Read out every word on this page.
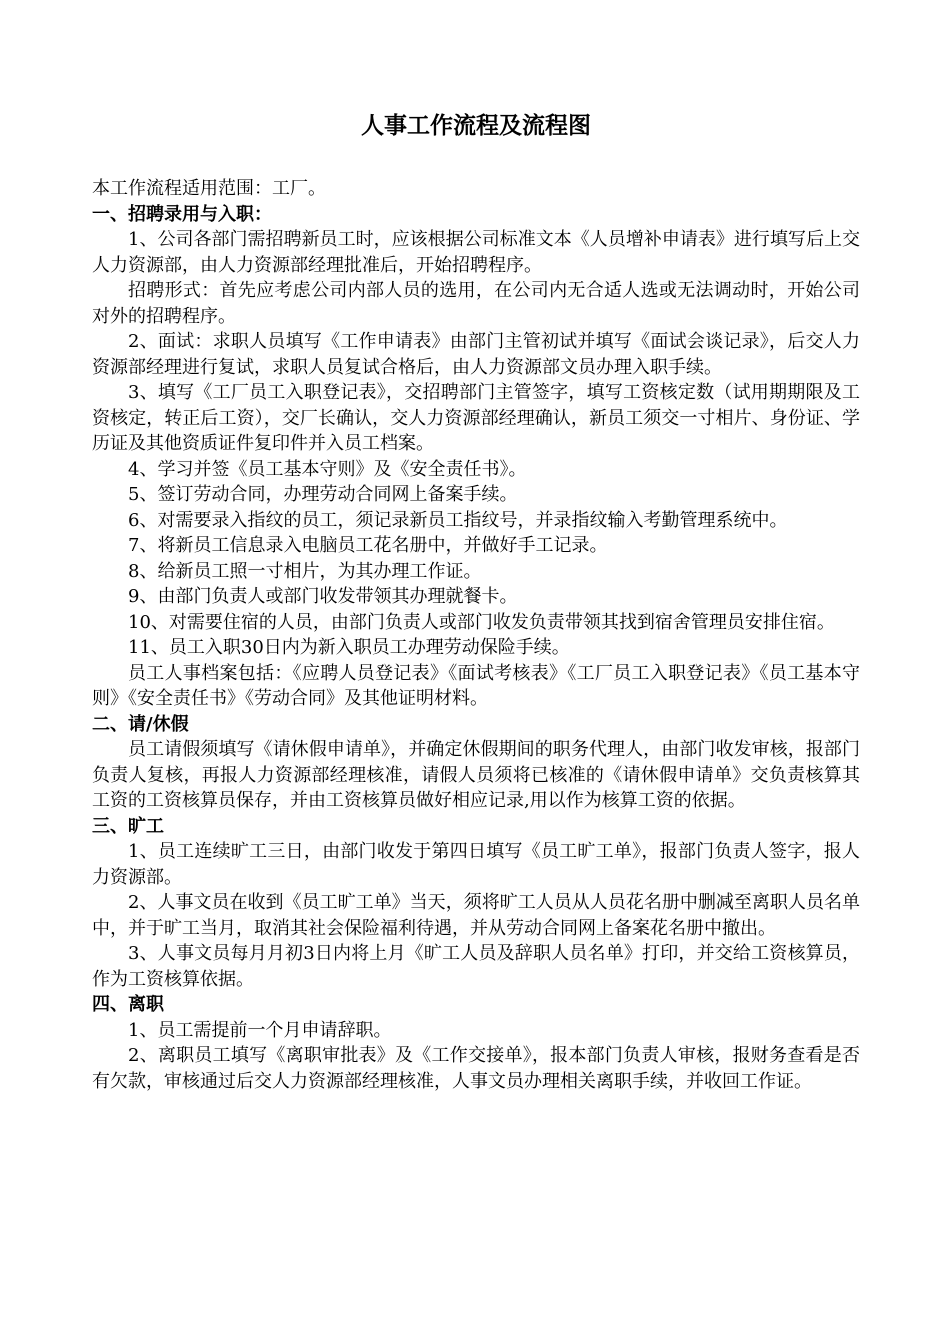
人事工作流程及流程图

本工作流程适用范围：工厂。

一、招聘录用与入职：

1、公司各部门需招聘新员工时，应该根据公司标准文本《人员增补申请表》进行填写后上交人力资源部，由人力资源部经理批准后，开始招聘程序。

招聘形式：首先应考虑公司内部人员的选用，在公司内无合适人选或无法调动时，开始公司对外的招聘程序。

2、面试：求职人员填写《工作申请表》由部门主管初试并填写《面试会谈记录》，后交人力资源部经理进行复试，求职人员复试合格后，由人力资源部文员办理入职手续。

3、填写《工厂员工入职登记表》，交招聘部门主管签字，填写工资核定数（试用期期限及工资核定，转正后工资），交厂长确认，交人力资源部经理确认，新员工须交一寸相片、身份证、学历证及其他资质证件复印件并入员工档案。

4、学习并签《员工基本守则》及《安全责任书》。

5、签订劳动合同，办理劳动合同网上备案手续。

6、对需要录入指纹的员工，须记录新员工指纹号，并录指纹输入考勤管理系统中。

7、将新员工信息录入电脑员工花名册中，并做好手工记录。

8、给新员工照一寸相片，为其办理工作证。

9、由部门负责人或部门收发带领其办理就餐卡。

10、对需要住宿的人员，由部门负责人或部门收发负责带领其找到宿舍管理员安排住宿。

11、员工入职30日内为新入职员工办理劳动保险手续。

员工人事档案包括：《应聘人员登记表》《面试考核表》《工厂员工入职登记表》《员工基本守则》《安全责任书》《劳动合同》及其他证明材料。

二、请/休假

员工请假须填写《请休假申请单》，并确定休假期间的职务代理人，由部门收发审核，报部门负责人复核，再报人力资源部经理核准，请假人员须将已核准的《请休假申请单》交负责核算其工资的工资核算员保存，并由工资核算员做好相应记录,用以作为核算工资的依据。

三、旷工

1、员工连续旷工三日，由部门收发于第四日填写《员工旷工单》，报部门负责人签字，报人力资源部。

2、人事文员在收到《员工旷工单》当天，须将旷工人员从人员花名册中删减至离职人员名单中，并于旷工当月，取消其社会保险福利待遇，并从劳动合同网上备案花名册中撤出。

3、人事文员每月月初3日内将上月《旷工人员及辞职人员名单》打印，并交给工资核算员，作为工资核算依据。

四、离职

1、员工需提前一个月申请辞职。

2、离职员工填写《离职审批表》及《工作交接单》，报本部门负责人审核，报财务查看是否有欠款，审核通过后交人力资源部经理核准，人事文员办理相关离职手续，并收回工作证。
